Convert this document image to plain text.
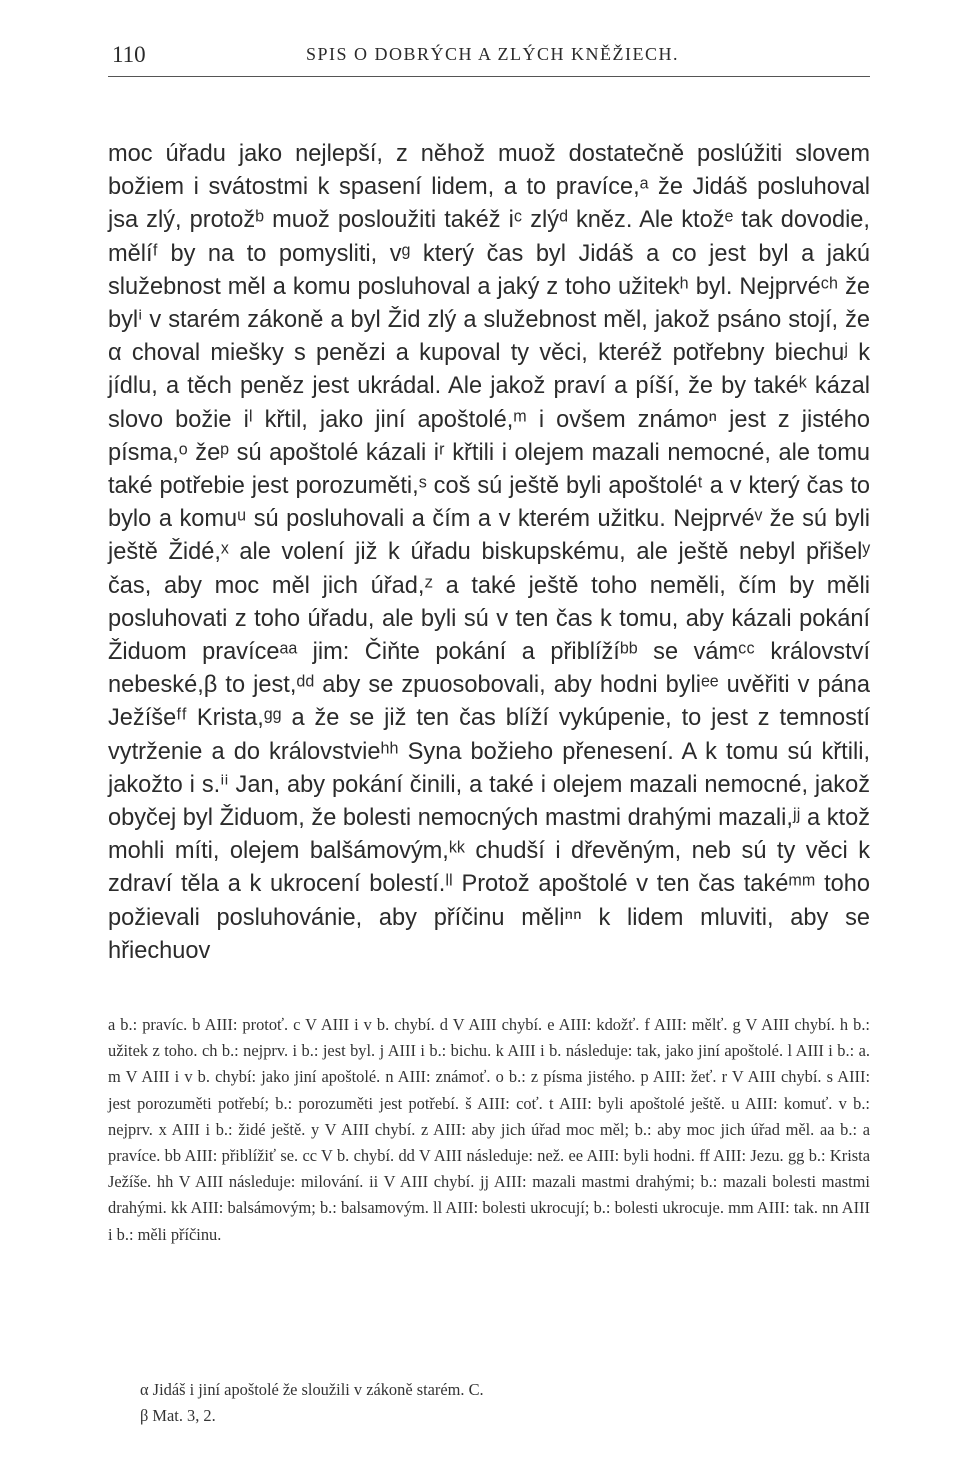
110	SPIS O DOBRÝCH A ZLÝCH KNĚŽIECH.

moc úřadu jako nejlepší, z něhož muož dostatečně poslúžiti slovem božiem i svátostmi k spasení lidem, a to pravíce,ᵃ že Jidáš posluhoval jsa zlý, protožᵇ muož posloužiti takéž iᶜ zlýᵈ kněz. Ale ktožᵉ tak dovodie, mělíᶠ by na to pomysliti, vᵍ který čas byl Jidáš a co jest byl a jakú služebnost měl a komu posluhoval a jaký z toho užitekʰ byl. Nejprvéᶜʰ že bylⁱ v starém zákoně a byl Žid zlý a služebnost měl, jakož psáno stojí, že α choval miešky s penězi a kupoval ty věci, kteréž potřebny biechuʲ k jídlu, a těch peněz jest ukrádal. Ale jakož praví a píší, že by takéᵏ kázal slovo božie iˡ křtil, jako jiní apoštolé,ᵐ i ovšem známoⁿ jest z jistého písma,ᵒ žeᵖ sú apoštolé kázali iʳ křtili i olejem mazali nemocné, ale tomu také potřebie jest porozuměti,ˢ coš sú ještě byli apoštoléᵗ a v který čas to bylo a komuᵘ sú posluhovali a čím a v kterém užitku. Nejprvéᵛ že sú byli ještě Židé,ˣ ale volení již k úřadu biskupskému, ale ještě nebyl přišelʸ čas, aby moc měl jich úřad,ᶻ a také ještě toho neměli, čím by měli posluhovati z toho úřadu, ale byli sú v ten čas k tomu, aby kázali pokání Židuom pravíceᵃᵃ jim: Čiňte pokání a přiblížíᵇᵇ se vámᶜᶜ království nebeské,β to jest,ᵈᵈ aby se zpuosobovali, aby hodni byliᵉᵉ uvěřiti v pána Ježíšeᶠᶠ Krista,ᵍᵍ a že se již ten čas blíží vykúpenie, to jest z temností vytrženie a do královstvieʰʰ Syna božieho přenesení. A k tomu sú křtili, jakožto i s.ⁱⁱ Jan, aby pokání činili, a také i olejem mazali nemocné, jakož obyčej byl Židuom, že bolesti nemocných mastmi drahými mazali,ʲʲ a ktož mohli míti, olejem balšámovým,ᵏᵏ chudší i dřevěným, neb sú ty věci k zdraví těla a k ukrocení bolestí.ˡˡ Protož apoštolé v ten čas takéᵐᵐ toho požievali posluhovánie, aby příčinu měliⁿⁿ k lidem mluviti, aby se hřiechuov

a b.: pravíc. b AIII: protoť. c V AIII i v b. chybí. d V AIII chybí. e AIII: kdožť. f AIII: mělť. g V AIII chybí. h b.: užitek z toho. ch b.: nejprv. i b.: jest byl. j AIII i b.: bichu. k AIII i b. následuje: tak, jako jiní apoštolé. l AIII i b.: a. m V AIII i v b. chybí: jako jiní apoštolé. n AIII: známoť. o b.: z písma jistého. p AIII: žeť. r V AIII chybí. s AIII: jest porozuměti potřebí; b.: porozuměti jest potřebí. š AIII: coť. t AIII: byli apoštolé ještě. u AIII: komuť. v b.: nejprv. x AIII i b.: židé ještě. y V AIII chybí. z AIII: aby jich úřad moc měl; b.: aby moc jich úřad měl. aa b.: a pravíce. bb AIII: přiblížiť se. cc V b. chybí. dd V AIII následuje: než. ee AIII: byli hodni. ff AIII: Jezu. gg b.: Krista Ježíše. hh V AIII následuje: milování. ii V AIII chybí. jj AIII: mazali mastmi drahými; b.: mazali bolesti mastmi drahými. kk AIII: balsámovým; b.: balsamovým. ll AIII: bolesti ukrocují; b.: bolesti ukrocuje. mm AIII: tak. nn AIII i b.: měli příčinu.

α Jidáš i jiní apoštolé že sloužili v zákoně starém. C.

β Mat. 3, 2.
